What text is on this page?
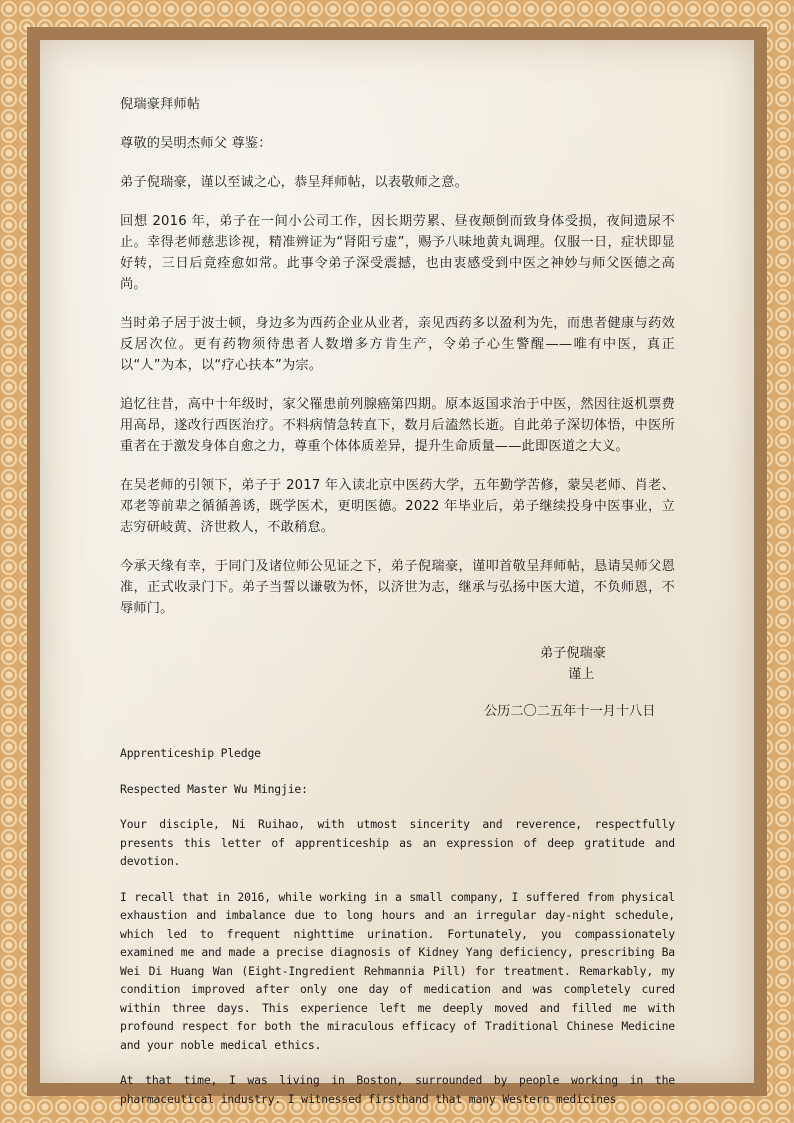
倪瑞豪拜师帖

尊敬的吴明杰师父 尊鉴：

弟子倪瑞豪，谨以至诚之心，恭呈拜师帖，以表敬师之意。

回想 2016 年，弟子在一间小公司工作，因长期劳累、昼夜颠倒而致身体受损，夜间遗尿不止。幸得老师慈悲诊视，精准辨证为“肾阳亏虚”，赐予八味地黄丸调理。仅服一日，症状即显好转，三日后竟痊愈如常。此事令弟子深受震撼，也由衷感受到中医之神妙与师父医德之高尚。

当时弟子居于波士顿，身边多为西药企业从业者，亲见西药多以盈利为先，而患者健康与药效反居次位。更有药物须待患者人数增多方肯生产，令弟子心生警醒——唯有中医，真正以“人”为本，以“疗心扶本”为宗。

追忆往昔，高中十年级时，家父罹患前列腺癌第四期。原本返国求治于中医，然因往返机票费用高昂，遂改行西医治疗。不料病情急转直下，数月后溘然长逝。自此弟子深切体悟，中医所重者在于激发身体自愈之力，尊重个体体质差异，提升生命质量——此即医道之大义。

在吴老师的引领下，弟子于 2017 年入读北京中医药大学，五年勤学苦修，蒙吴老师、肖老、邓老等前辈之循循善诱，既学医术，更明医德。2022 年毕业后，弟子继续投身中医事业，立志穷研岐黄、济世救人，不敢稍怠。

今承天缘有幸，于同门及诸位师公见证之下，弟子倪瑞豪，谨叩首敬呈拜师帖，恳请吴师父恩准，正式收录门下。弟子当誓以谦敬为怀，以济世为志，继承与弘扬中医大道，不负师恩，不辱师门。

弟子倪瑞豪
谨上
公历二〇二五年十一月十八日

Apprenticeship Pledge

Respected Master Wu Mingjie:

Your disciple, Ni Ruihao, with utmost sincerity and reverence, respectfully presents this letter of apprenticeship as an expression of deep gratitude and devotion.

I recall that in 2016, while working in a small company, I suffered from physical exhaustion and imbalance due to long hours and an irregular day-night schedule, which led to frequent nighttime urination. Fortunately, you compassionately examined me and made a precise diagnosis of Kidney Yang deficiency, prescribing Ba Wei Di Huang Wan (Eight-Ingredient Rehmannia Pill) for treatment. Remarkably, my condition improved after only one day of medication and was completely cured within three days. This experience left me deeply moved and filled me with profound respect for both the miraculous efficacy of Traditional Chinese Medicine and your noble medical ethics.

At that time, I was living in Boston, surrounded by people working in the pharmaceutical industry. I witnessed firsthand that many Western medicines
